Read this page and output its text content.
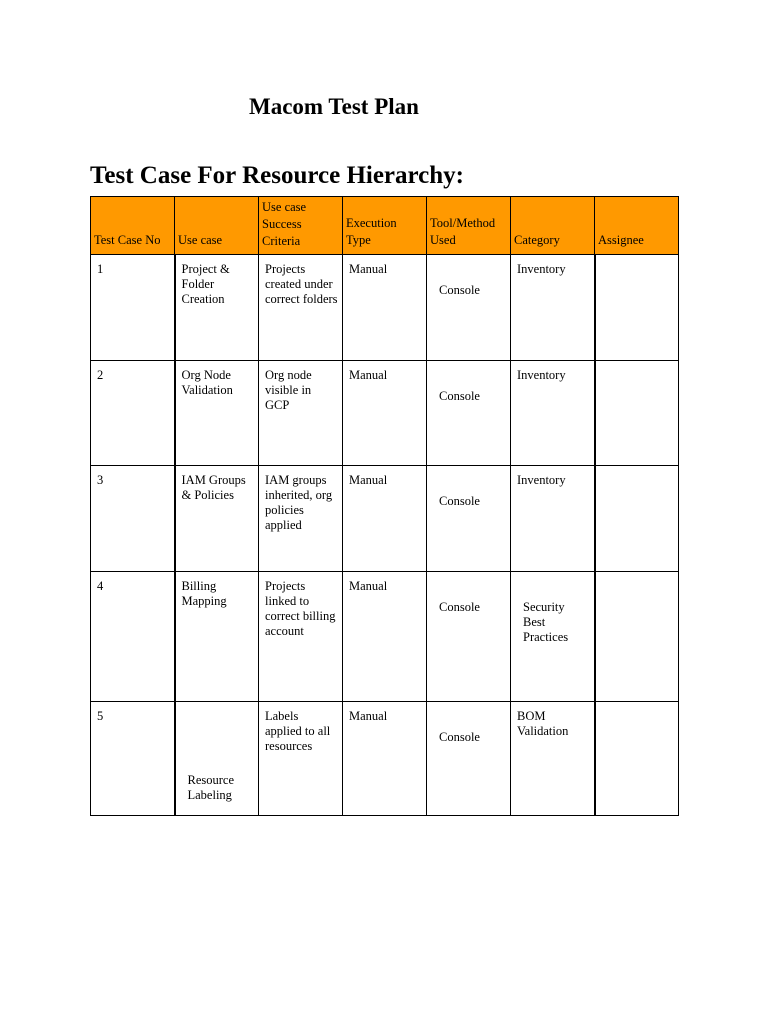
Macom Test Plan
Test Case For Resource Hierarchy:
Test Case No	Use case	Use case Success Criteria	Execution Type	Tool/Method Used	Category	Assignee
1	Project & Folder Creation	Projects created under correct folders	Manual	Console	Inventory	
2	Org Node Validation	Org node visible in GCP	Manual	Console	Inventory	
3	IAM Groups & Policies	IAM groups inherited, org policies applied	Manual	Console	Inventory	
4	Billing Mapping	Projects linked to correct billing account	Manual	Console	Security Best Practices	
5	Resource Labeling	Labels applied to all resources	Manual	Console	BOM Validation	
